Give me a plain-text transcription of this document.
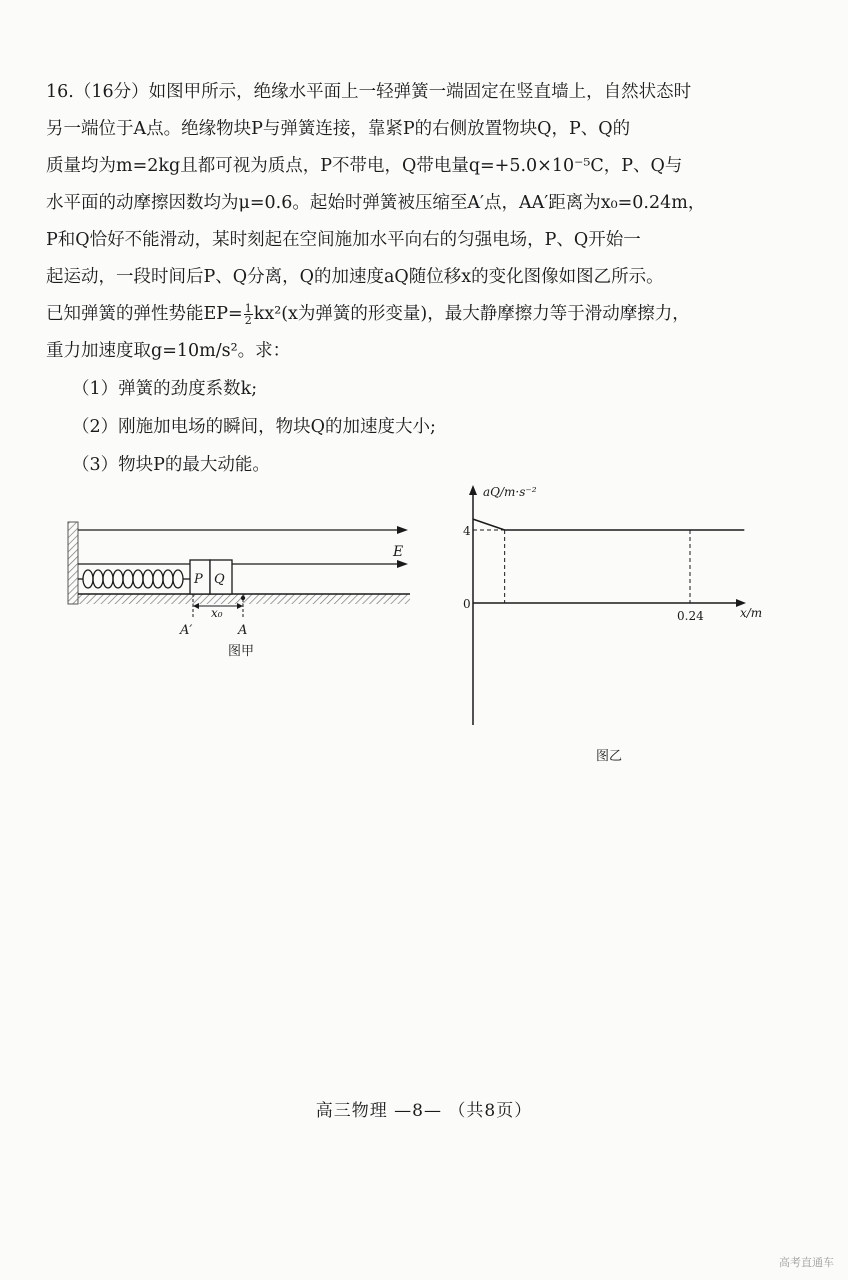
16.（16分）如图甲所示，绝缘水平面上一轻弹簧一端固定在竖直墙上，自然状态时

另一端位于A点。绝缘物块P与弹簧连接，靠紧P的右侧放置物块Q，P、Q的

质量均为m=2kg且都可视为质点，P不带电，Q带电量q=+5.0×10⁻⁵C，P、Q与

水平面的动摩擦因数均为μ=0.6。起始时弹簧被压缩至A′点，AA′距离为x₀=0.24m，

P和Q恰好不能滑动，某时刻起在空间施加水平向右的匀强电场，P、Q开始一

起运动，一段时间后P、Q分离，Q的加速度aQ随位移x的变化图像如图乙所示。

已知弹簧的弹性势能$EP= \frac{1}{2} kx^2(x$为弹簧的形变量)，最大静摩擦力等于滑动摩擦力，

重力加速度取g=10m/s²。求：

（1）弹簧的劲度系数k;

（2）刚施加电场的瞬间，物块Q的加速度大小;

（3）物块P的最大动能。

E
P Q
x₀
A′	A
图甲
aQ/m·s⁻²
x/m
4
0
0.24
图乙
高三物理 —8— （共8页）
高考直通车
